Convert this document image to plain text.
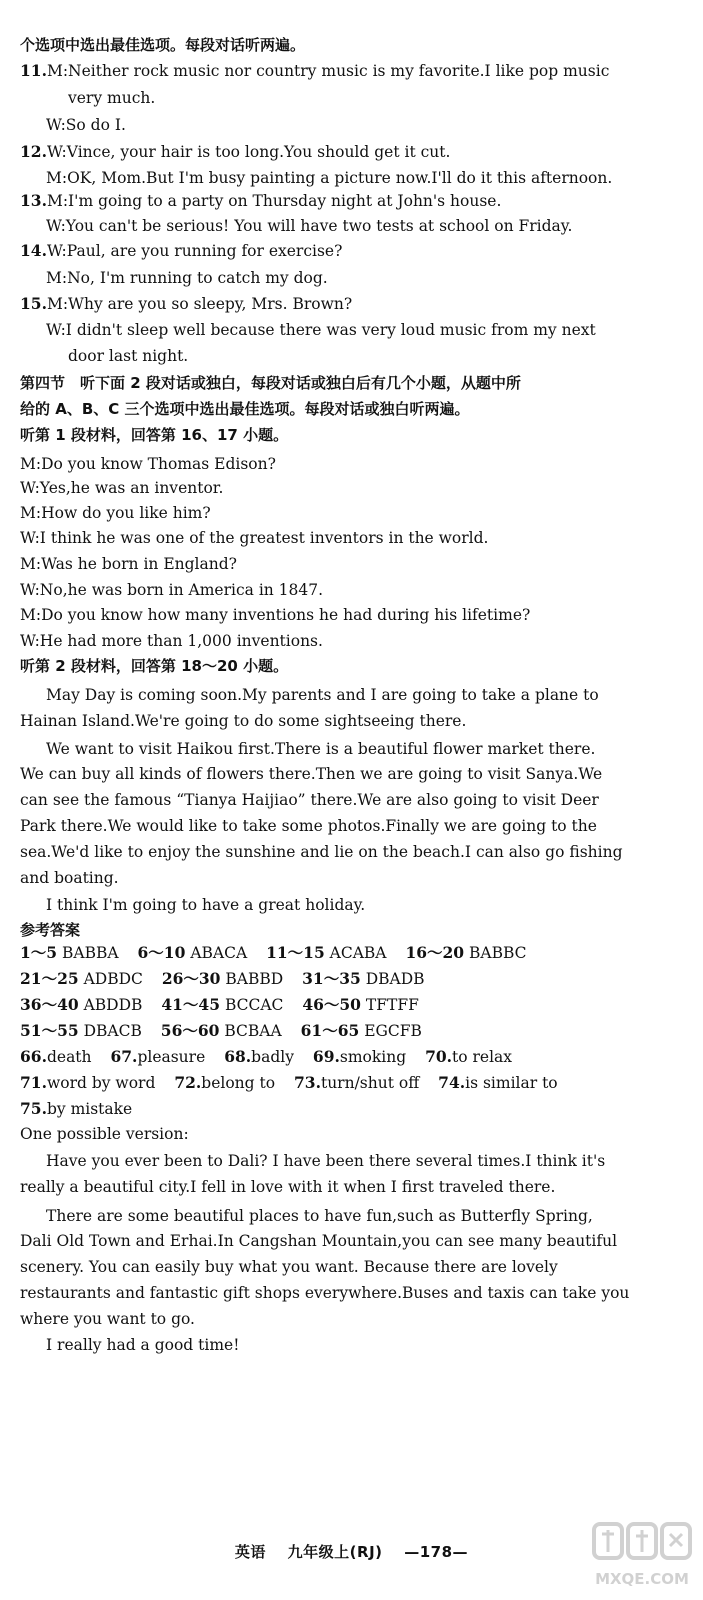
个选项中选出最佳选项。每段对话听两遍。
11.M:Neither rock music nor country music is my favorite.I like pop music
very much.
W:So do I.
12.W:Vince, your hair is too long.You should get it cut.
M:OK, Mom.But I'm busy painting a picture now.I'll do it this afternoon.
13.M:I'm going to a party on Thursday night at John's house.
W:You can't be serious! You will have two tests at school on Friday.
14.W:Paul, are you running for exercise?
M:No, I'm running to catch my dog.
15.M:Why are you so sleepy, Mrs. Brown?
W:I didn't sleep well because there was very loud music from my next
door last night.
第四节　听下面 2 段对话或独白，每段对话或独白后有几个小题，从题中所
给的 A、B、C 三个选项中选出最佳选项。每段对话或独白听两遍。
听第 1 段材料，回答第 16、17 小题。
M:Do you know Thomas Edison?
W:Yes,he was an inventor.
M:How do you like him?
W:I think he was one of the greatest inventors in the world.
M:Was he born in England?
W:No,he was born in America in 1847.
M:Do you know how many inventions he had during his lifetime?
W:He had more than 1,000 inventions.
听第 2 段材料，回答第 18～20 小题。
May Day is coming soon.My parents and I are going to take a plane to
Hainan Island.We're going to do some sightseeing there.
We want to visit Haikou first.There is a beautiful flower market there.
We can buy all kinds of flowers there.Then we are going to visit Sanya.We
can see the famous “Tianya Haijiao” there.We are also going to visit Deer
Park there.We would like to take some photos.Finally we are going to the
sea.We'd like to enjoy the sunshine and lie on the beach.I can also go fishing
and boating.
I think I'm going to have a great holiday.
参考答案
1～5 BABBA 6～10 ABACA 11～15 ACABA 16～20 BABBC
21～25 ADBDC 26～30 BABBD 31～35 DBADB
36～40 ABDDB 41～45 BCCAC 46～50 TFTFF
51～55 DBACB 56～60 BCBAA 61～65 EGCFB
66.death 67.pleasure 68.badly 69.smoking 70.to relax
71.word by word 72.belong to 73.turn/shut off 74.is similar to
75.by mistake
One possible version:
Have you ever been to Dali? I have been there several times.I think it's
really a beautiful city.I fell in love with it when I first traveled there.
There are some beautiful places to have fun,such as Butterfly Spring,
Dali Old Town and Erhai.In Cangshan Mountain,you can see many beautiful
scenery. You can easily buy what you want. Because there are lovely
restaurants and fantastic gift shops everywhere.Buses and taxis can take you
where you want to go.
I really had a good time!
英语 九年级上(RJ) —178—
MXQE.COM
